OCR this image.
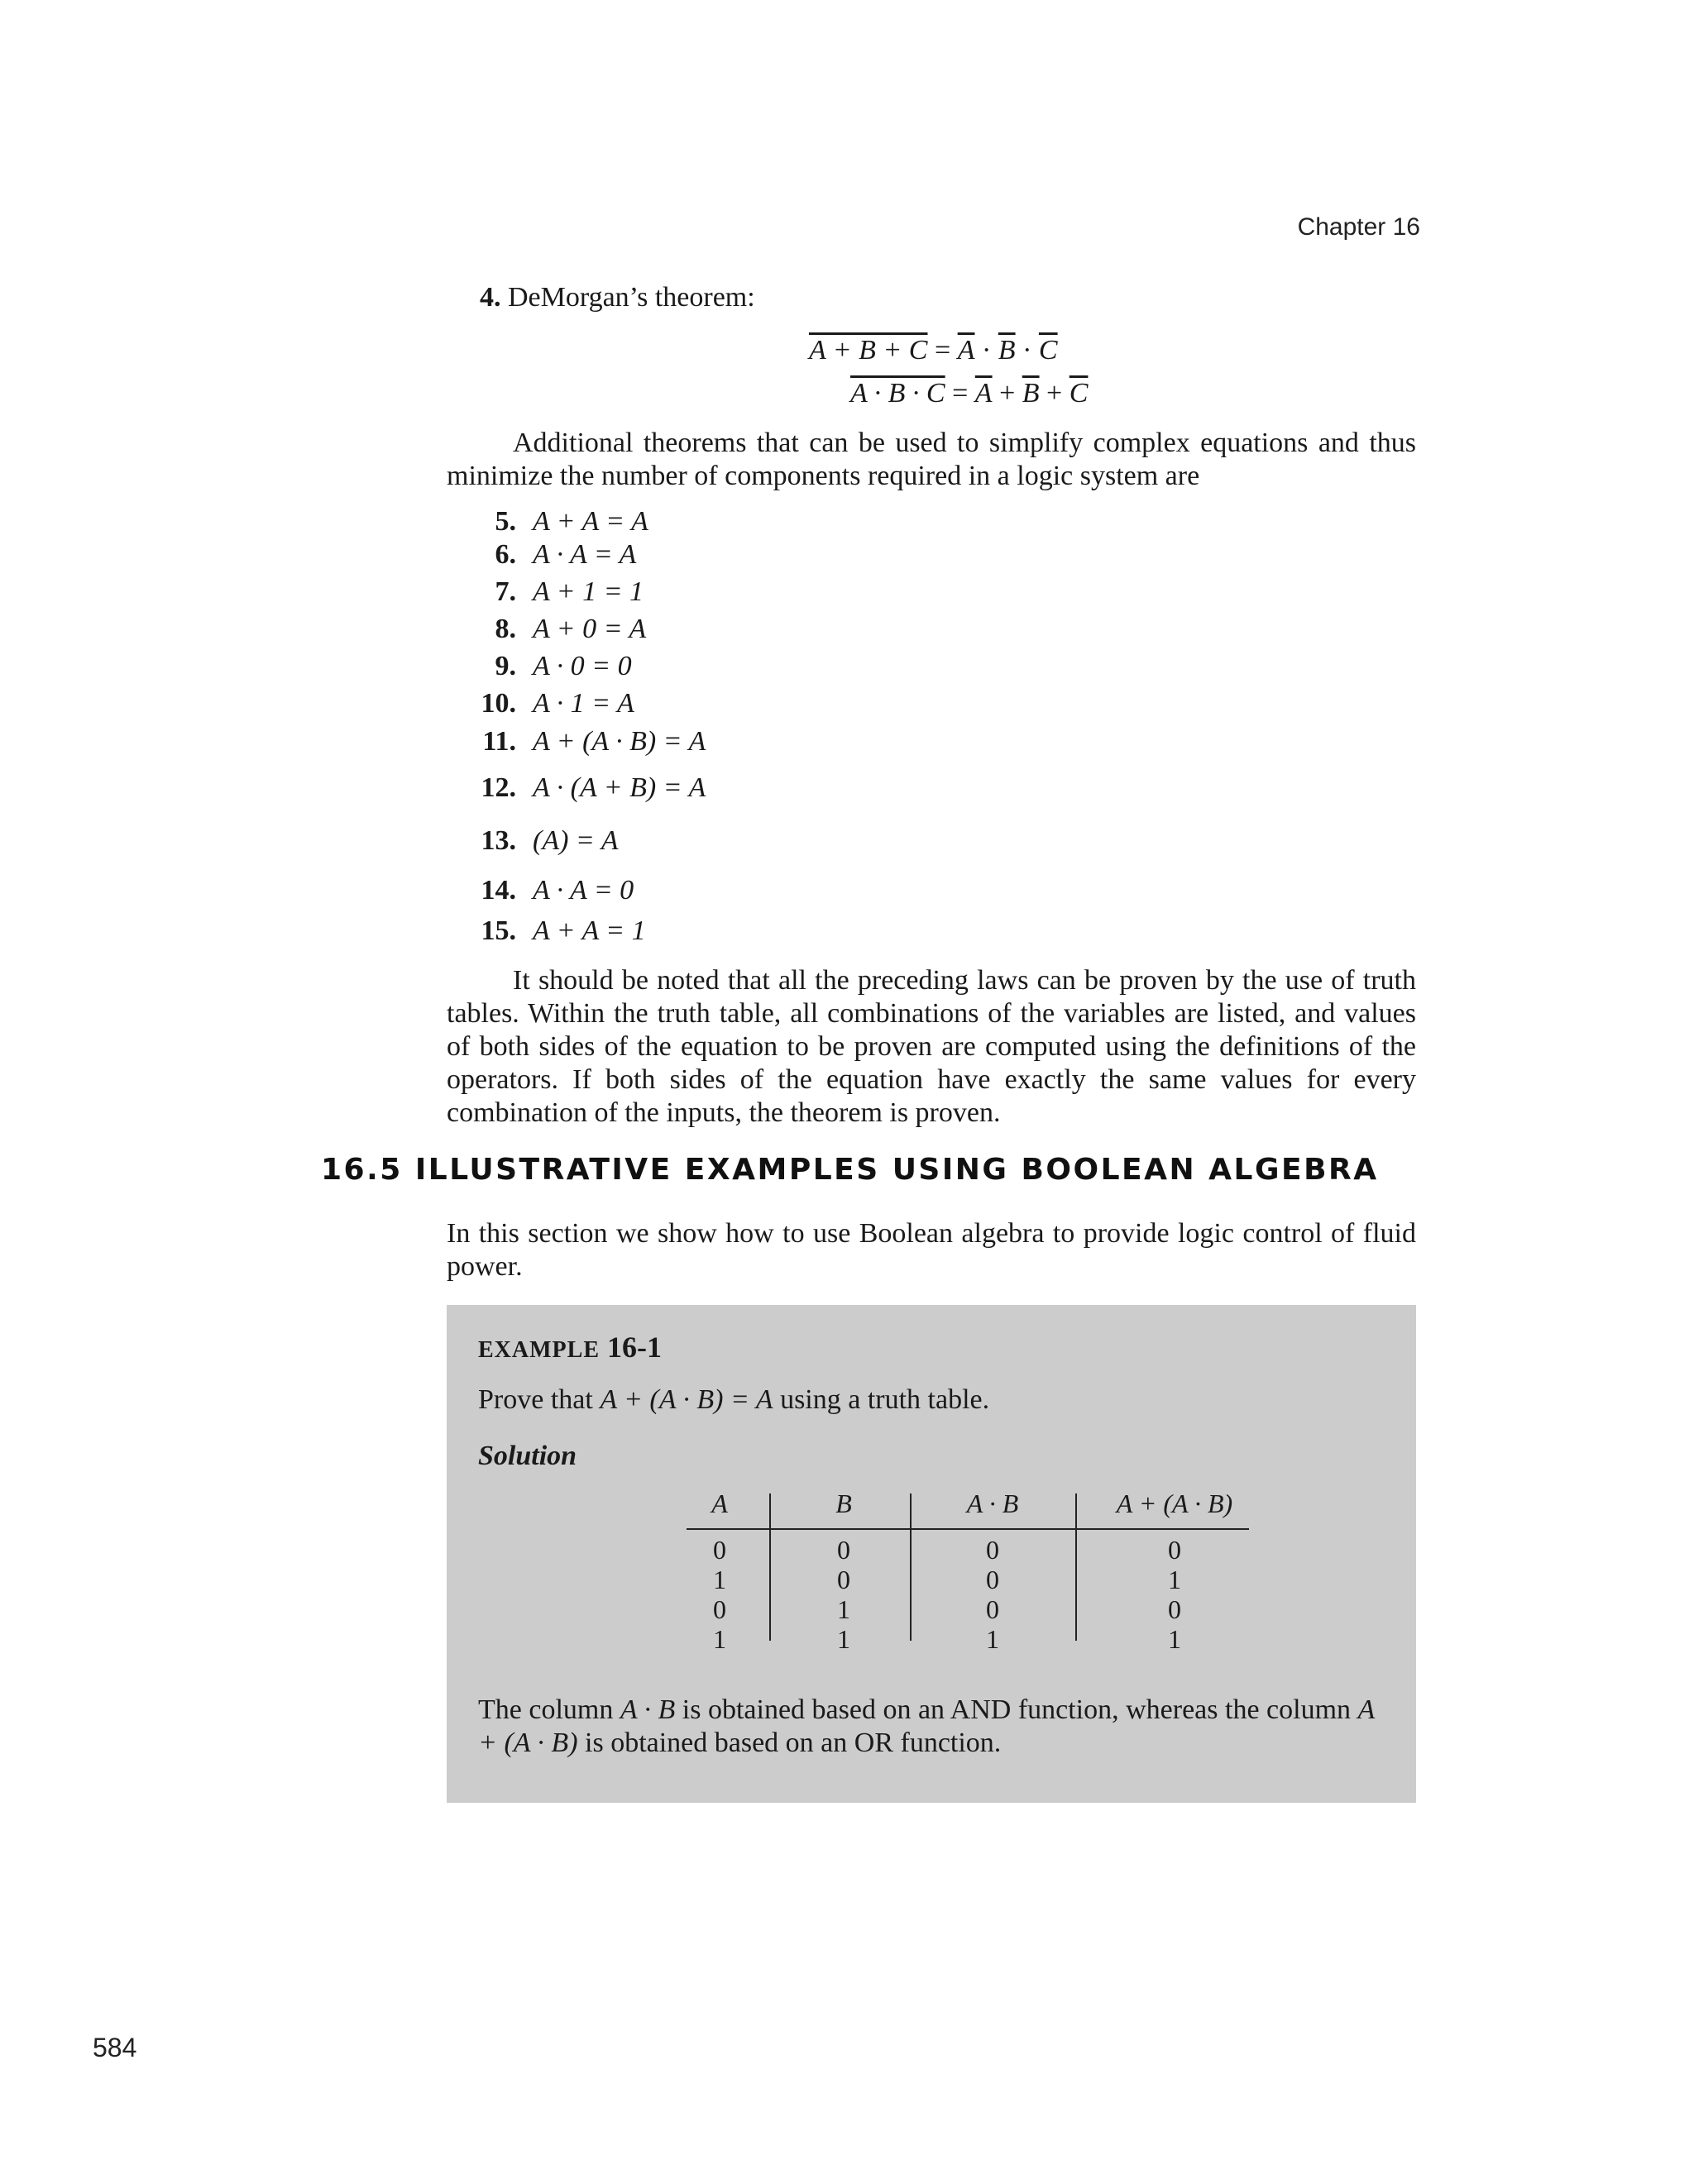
Chapter 16
4. DeMorgan’s theorem:
$A + B + C = \overline{A} \cdot \overline{B} \cdot \overline{C}$
$A \cdot B \cdot C = \overline{A} + \overline{B} + \overline{C}$
Additional theorems that can be used to simplify complex equations and thus minimize the number of components required in a logic system are
5. A + A = A
6. A · A = A
7. A + 1 = 1
8. A + 0 = A
9. A · 0 = 0
10. A · 1 = A
11. A + (A · B) = A
12. A · (A + B) = A
13. (A) = A
14. A · A = 0
15. A + A = 1
It should be noted that all the preceding laws can be proven by the use of truth tables. Within the truth table, all combinations of the variables are listed, and values of both sides of the equation to be proven are computed using the definitions of the operators. If both sides of the equation have exactly the same values for every combination of the inputs, the theorem is proven.
16.5 ILLUSTRATIVE EXAMPLES USING BOOLEAN ALGEBRA
In this section we show how to use Boolean algebra to provide logic control of fluid power.
EXAMPLE 16-1
Prove that A + (A · B) = A using a truth table.
Solution
A
0
1
0
1
B
0
0
1
1
A · B
0
0
0
1
A + (A · B)
0
1
0
1
The column A · B is obtained based on an AND function, whereas the column A + (A · B) is obtained based on an OR function.
584
